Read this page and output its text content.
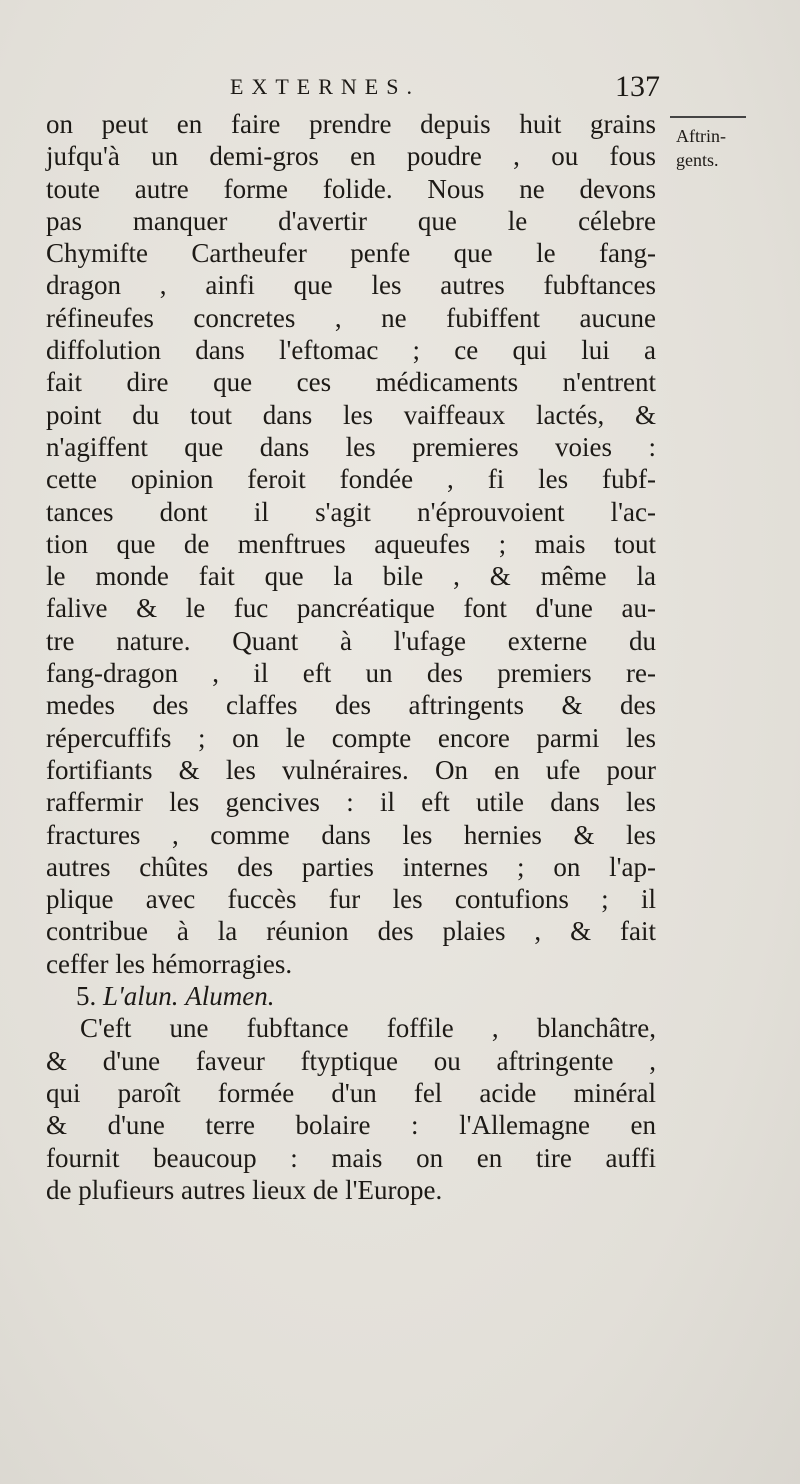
EXTERNES.	137
Aftrin-
gents.
on peut en faire prendre depuis huit grains
jufqu'à un demi-gros en poudre , ou fous
toute autre forme folide. Nous ne devons
pas manquer d'avertir que le célebre
Chymifte Cartheufer penfe que le fang-
dragon , ainfi que les autres fubftances
réfineufes concretes , ne fubiffent aucune
diffolution dans l'eftomac ; ce qui lui a
fait dire que ces médicaments n'entrent
point du tout dans les vaiffeaux lactés, &
n'agiffent que dans les premieres voies :
cette opinion feroit fondée , fi les fubf-
tances dont il s'agit n'éprouvoient l'ac-
tion que de menftrues aqueufes ; mais tout
le monde fait que la bile , & même la
falive & le fuc pancréatique font d'une au-
tre nature. Quant à l'ufage externe du
fang-dragon , il eft un des premiers re-
medes des claffes des aftringents & des
répercuffifs ; on le compte encore parmi les
fortifiants & les vulnéraires. On en ufe pour
raffermir les gencives : il eft utile dans les
fractures , comme dans les hernies & les
autres chûtes des parties internes ; on l'ap-
plique avec fuccès fur les contufions ; il
contribue à la réunion des plaies , & fait
ceffer les hémorragies.
5. L'alun. Alumen.
C'eft une fubftance foffile , blanchâtre,
& d'une faveur ftyptique ou aftringente ,
qui paroît formée d'un fel acide minéral
& d'une terre bolaire : l'Allemagne en
fournit beaucoup : mais on en tire auffi
de plufieurs autres lieux de l'Europe.
